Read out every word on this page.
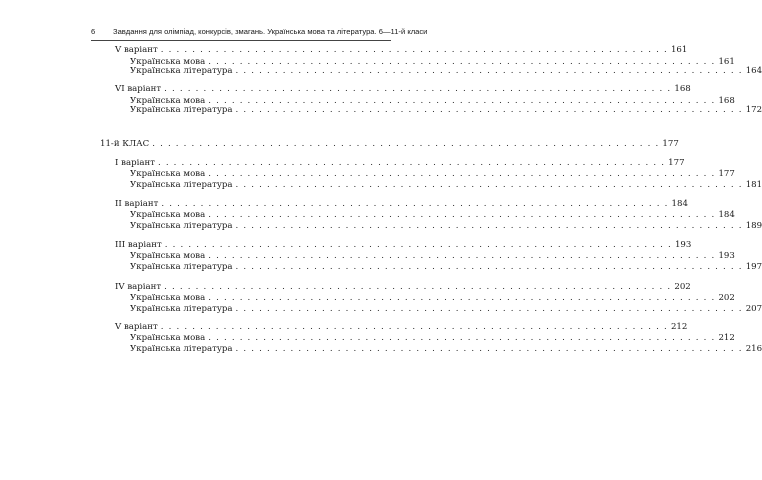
6 Завдання для олімпіад, конкурсів, змагань. Українська мова та література. 6—11-й класи
V варіант . . .	161
Українська мова . . .	161
Українська література . . .	164
VI варіант . . .	168
Українська мова . . .	168
Українська література . . .	172
11-й КЛАС . . .	177
I варіант . . .	177
Українська мова . . .	177
Українська література . . .	181
II варіант . . .	184
Українська мова . . .	184
Українська література . . .	189
III варіант . . .	193
Українська мова . . .	193
Українська література . . .	197
IV варіант . . .	202
Українська мова . . .	202
Українська література . . .	207
V варіант . . .	212
Українська мова . . .	212
Українська література . . .	216
